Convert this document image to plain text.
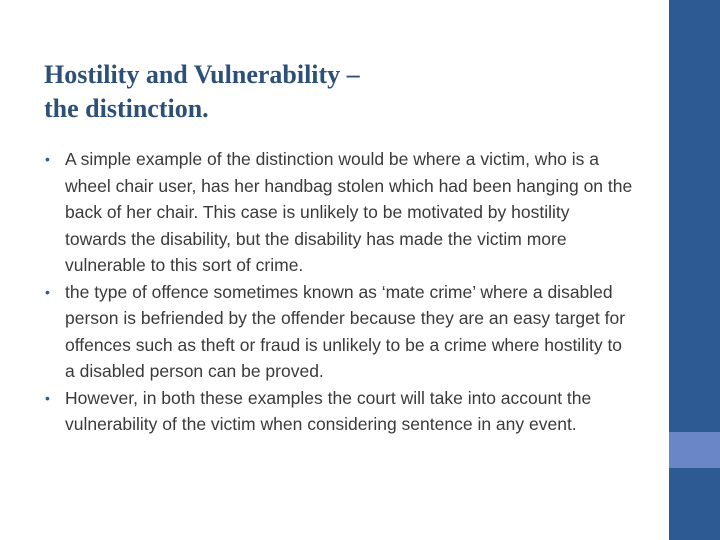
Hostility and Vulnerability –
the distinction.
• A simple example of the distinction would be where a victim, who is a wheel chair user, has her handbag stolen which had been hanging on the back of her chair. This case is unlikely to be motivated by hostility towards the disability, but the disability has made the victim more vulnerable to this sort of crime.
• the type of offence sometimes known as ‘mate crime’ where a disabled person is befriended by the offender because they are an easy target for offences such as theft or fraud is unlikely to be a crime where hostility to a disabled person can be proved.
• However, in both these examples the court will take into account the vulnerability of the victim when considering sentence in any event.
